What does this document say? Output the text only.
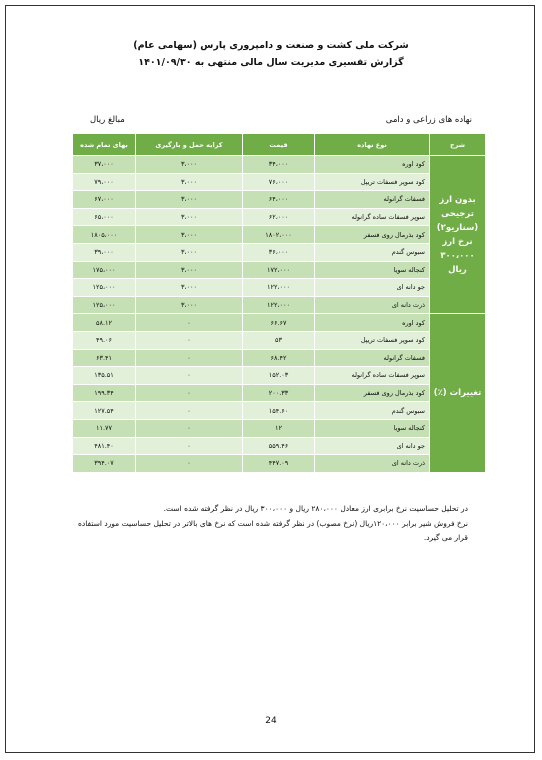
شرکت ملی کشت و صنعت و دامپروری پارس (سهامی عام)
گزارش تفسیری مدیریت سال مالی منتهی به ۱۴۰۱/۰۹/۳۰
نهاده های زراعی و دامی
مبالغ ریال
شرح	نوع نهاده	قیمت	کرایه حمل و بارگیری	بهای تمام شده
بدون ارز ترجیحی (سناریو۲) نرخ ارز ۳۰۰،۰۰۰ ریال	کود اوره	۳۴،۰۰۰	۳،۰۰۰	۳۷،۰۰۰
	کود سوپر فسفات تریپل	۷۶،۰۰۰	۳،۰۰۰	۷۹،۰۰۰
	فسفات گرانوله	۶۴،۰۰۰	۳،۰۰۰	۶۷،۰۰۰
	سوپر فسفات ساده گرانوله	۶۲،۰۰۰	۳،۰۰۰	۶۵،۰۰۰
	کود بذرمال روی فسفر	۱۸۰۲،۰۰۰	۳،۰۰۰	۱۸۰۵،۰۰۰
	سبوس گندم	۳۶،۰۰۰	۳،۰۰۰	۳۹،۰۰۰
	کنجاله سویا	۱۷۲،۰۰۰	۳،۰۰۰	۱۷۵،۰۰۰
	جو دانه ای	۱۲۲،۰۰۰	۳،۰۰۰	۱۲۵،۰۰۰
	ذرت دانه ای	۱۲۲،۰۰۰	۳،۰۰۰	۱۲۵،۰۰۰
تغییرات (٪)	کود اوره	۶۶.۶۷	۰	۵۸.۱۲
	کود سوپر فسفات تریپل	۵۳	۰	۴۹.۰۶
	فسفات گرانوله	۶۸.۴۲	۰	۶۳.۴۱
	سوپر فسفات ساده گرانوله	۱۵۲.۰۳	۰	۱۳۵.۵۱
	کود بذرمال روی فسفر	۲۰۰.۳۳	۰	۱۹۹.۳۴
	سبوس گندم	۱۵۴.۶۰	۰	۱۲۷.۵۴
	کنجاله سویا	۱۲	۰	۱۱.۷۷
	جو دانه ای	۵۵۹.۴۶	۰	۴۸۱.۴۰
	ذرت دانه ای	۴۴۷.۰۹	۰	۳۹۴.۰۷
در تحلیل حساسیت نرخ برابری ارز معادل ۲۸۰،۰۰۰ ریال و ۳۰۰،۰۰۰ ریال در نظر گرفته شده است.
نرخ فروش شیر برابر ۱۲۰،۰۰۰ریال (نرخ مصوب) در نظر گرفته شده است که نرخ های بالاتر در تحلیل حساسیت مورد استفاده قرار می گیرد.
24
